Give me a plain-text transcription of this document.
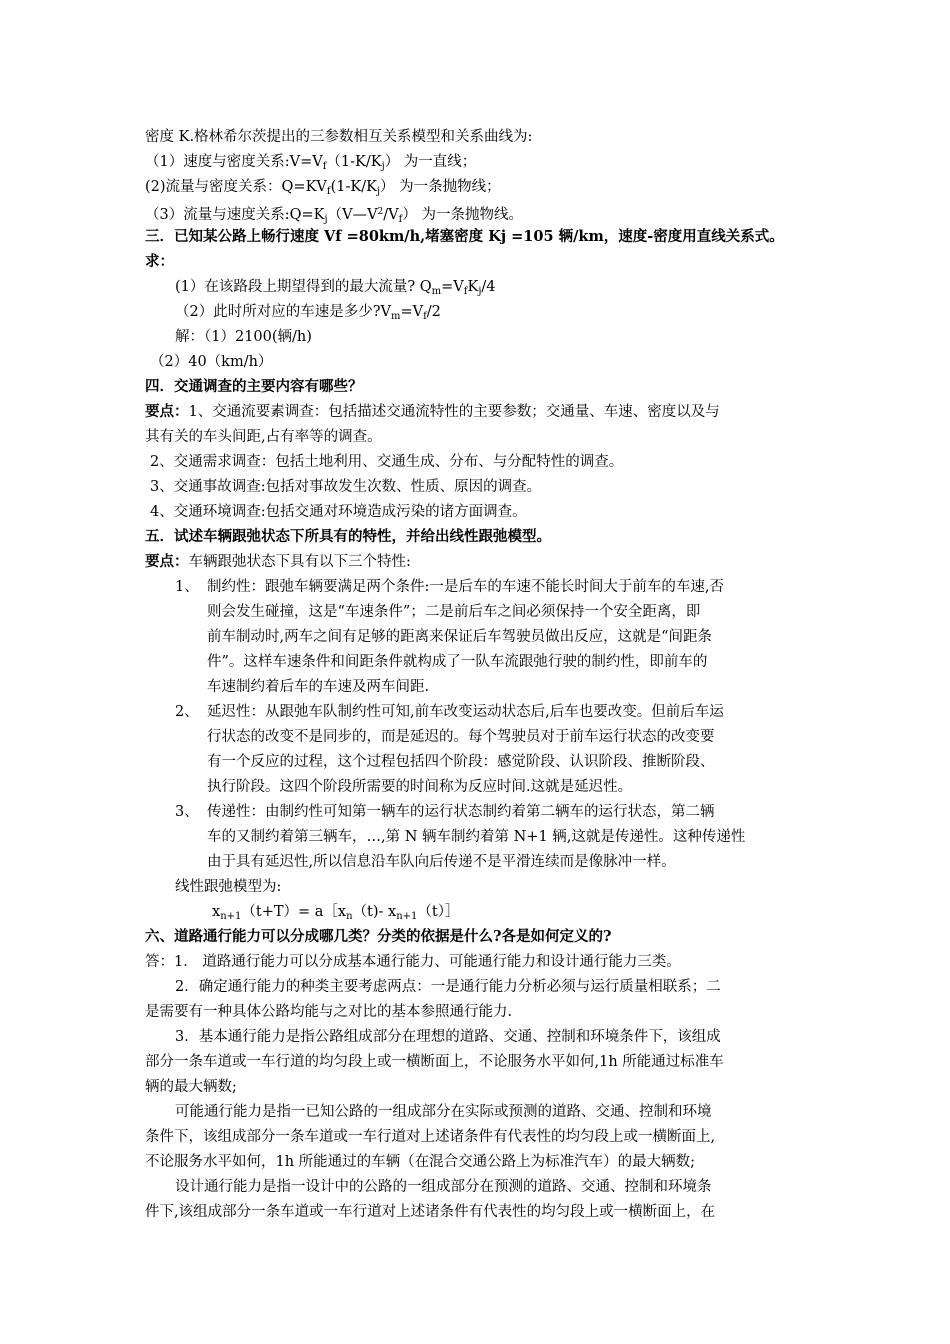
密度 K.格林希尔茨提出的三参数相互关系模型和关系曲线为:
（1）速度与密度关系$:V=V_f(1-K/K_j)$ 为一直线；
(2)流量与密度关系：$Q=KV_f(1-K/K_j)$ 为一条抛物线；
（3）流量与速度关系$:Q=K_j(V—V^2/V_f)$ 为一条抛物线。
三．已知某公路上畅行速度 Vf =80km/h,堵塞密度 Kj =105 辆/km，速度-密度用直线关系式。
求：
(1）在该路段上期望得到的最大流量? $Q_m=V_fK_j/4$
（2）此时所对应的车速是多少$?V_m=V_f/2$
解：（1）2100(辆/h)
（2）40（km/h）
四．交通调查的主要内容有哪些？
要点：1、交通流要素调查：包括描述交通流特性的主要参数；交通量、车速、密度以及与
其有关的车头间距,占有率等的调查。
2、交通需求调查：包括土地利用、交通生成、分布、与分配特性的调查。
3、交通事故调查:包括对事故发生次数、性质、原因的调查。
4、交通环境调查:包括交通对环境造成污染的诸方面调查。
五．试述车辆跟弛状态下所具有的特性，并给出线性跟弛模型。
要点：车辆跟弛状态下具有以下三个特性:
1、 制约性：跟弛车辆要满足两个条件:一是后车的车速不能长时间大于前车的车速,否
则会发生碰撞，这是“车速条件”；二是前后车之间必须保持一个安全距离，即
前车制动时,两车之间有足够的距离来保证后车驾驶员做出反应，这就是“间距条
件”。这样车速条件和间距条件就构成了一队车流跟弛行驶的制约性，即前车的
车速制约着后车的车速及两车间距.
2、 延迟性：从跟弛车队制约性可知,前车改变运动状态后,后车也要改变。但前后车运
行状态的改变不是同步的，而是延迟的。每个驾驶员对于前车运行状态的改变要
有一个反应的过程，这个过程包括四个阶段：感觉阶段、认识阶段、推断阶段、
执行阶段。这四个阶段所需要的时间称为反应时间.这就是延迟性。
3、 传递性：由制约性可知第一辆车的运行状态制约着第二辆车的运行状态，第二辆
车的又制约着第三辆车，…,第 N 辆车制约着第 N+1 辆,这就是传递性。这种传递性
由于具有延迟性,所以信息沿车队向后传递不是平滑连续而是像脉冲一样。
线性跟弛模型为:
$x_{n+1}(t+T)=$ $a[x_n(t)-$ $x_{n+1}(t)]$
六、道路通行能力可以分成哪几类？分类的依据是什么?各是如何定义的?
答：1． 道路通行能力可以分成基本通行能力、可能通行能力和设计通行能力三类。
2．确定通行能力的种类主要考虑两点：一是通行能力分析必须与运行质量相联系；二
是需要有一种具体公路均能与之对比的基本参照通行能力.
3．基本通行能力是指公路组成部分在理想的道路、交通、控制和环境条件下，该组成
部分一条车道或一车行道的均匀段上或一横断面上，不论服务水平如何,1h 所能通过标准车
辆的最大辆数;
可能通行能力是指一已知公路的一组成部分在实际或预测的道路、交通、控制和环境
条件下，该组成部分一条车道或一车行道对上述诸条件有代表性的均匀段上或一横断面上,
不论服务水平如何，1h 所能通过的车辆（在混合交通公路上为标准汽车）的最大辆数;
设计通行能力是指一设计中的公路的一组成部分在预测的道路、交通、控制和环境条
件下,该组成部分一条车道或一车行道对上述诸条件有代表性的均匀段上或一横断面上，在
